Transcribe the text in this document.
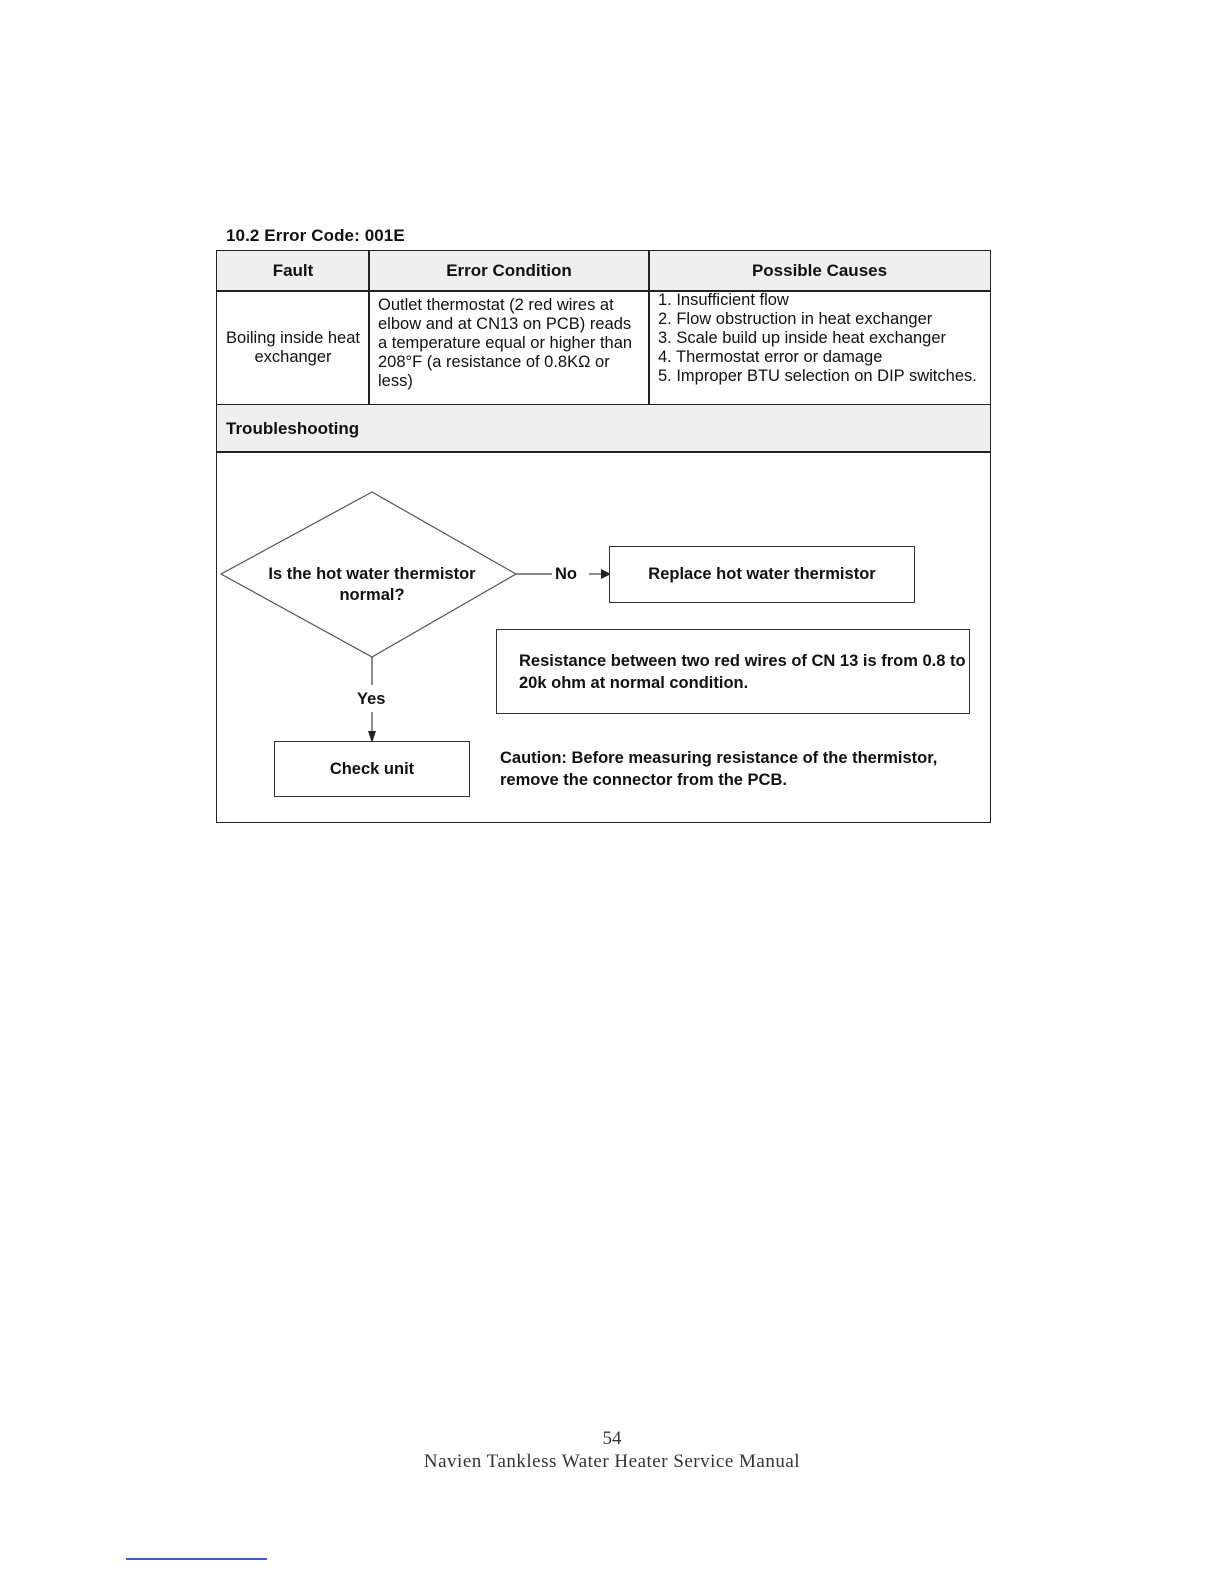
10.2 Error Code: 001E
Fault	Error Condition	Possible Causes
Boiling inside heat exchanger
Outlet thermostat (2 red wires at elbow and at CN13 on PCB) reads a temperature equal or higher than 208°F (a resistance of 0.8KΩ or less)
1. Insufficient flow
2. Flow obstruction in heat exchanger
3. Scale build up inside heat exchanger
4. Thermostat error or damage
5. Improper BTU selection on DIP switches.
Troubleshooting
Is the hot water thermistor
normal?
No
Yes
Replace hot water thermistor
Resistance between two red wires of CN 13 is from 0.8 to 20k ohm at normal condition.
Check unit
Caution: Before measuring resistance of the thermistor, remove the connector from the PCB.
54
Navien Tankless Water Heater Service Manual
